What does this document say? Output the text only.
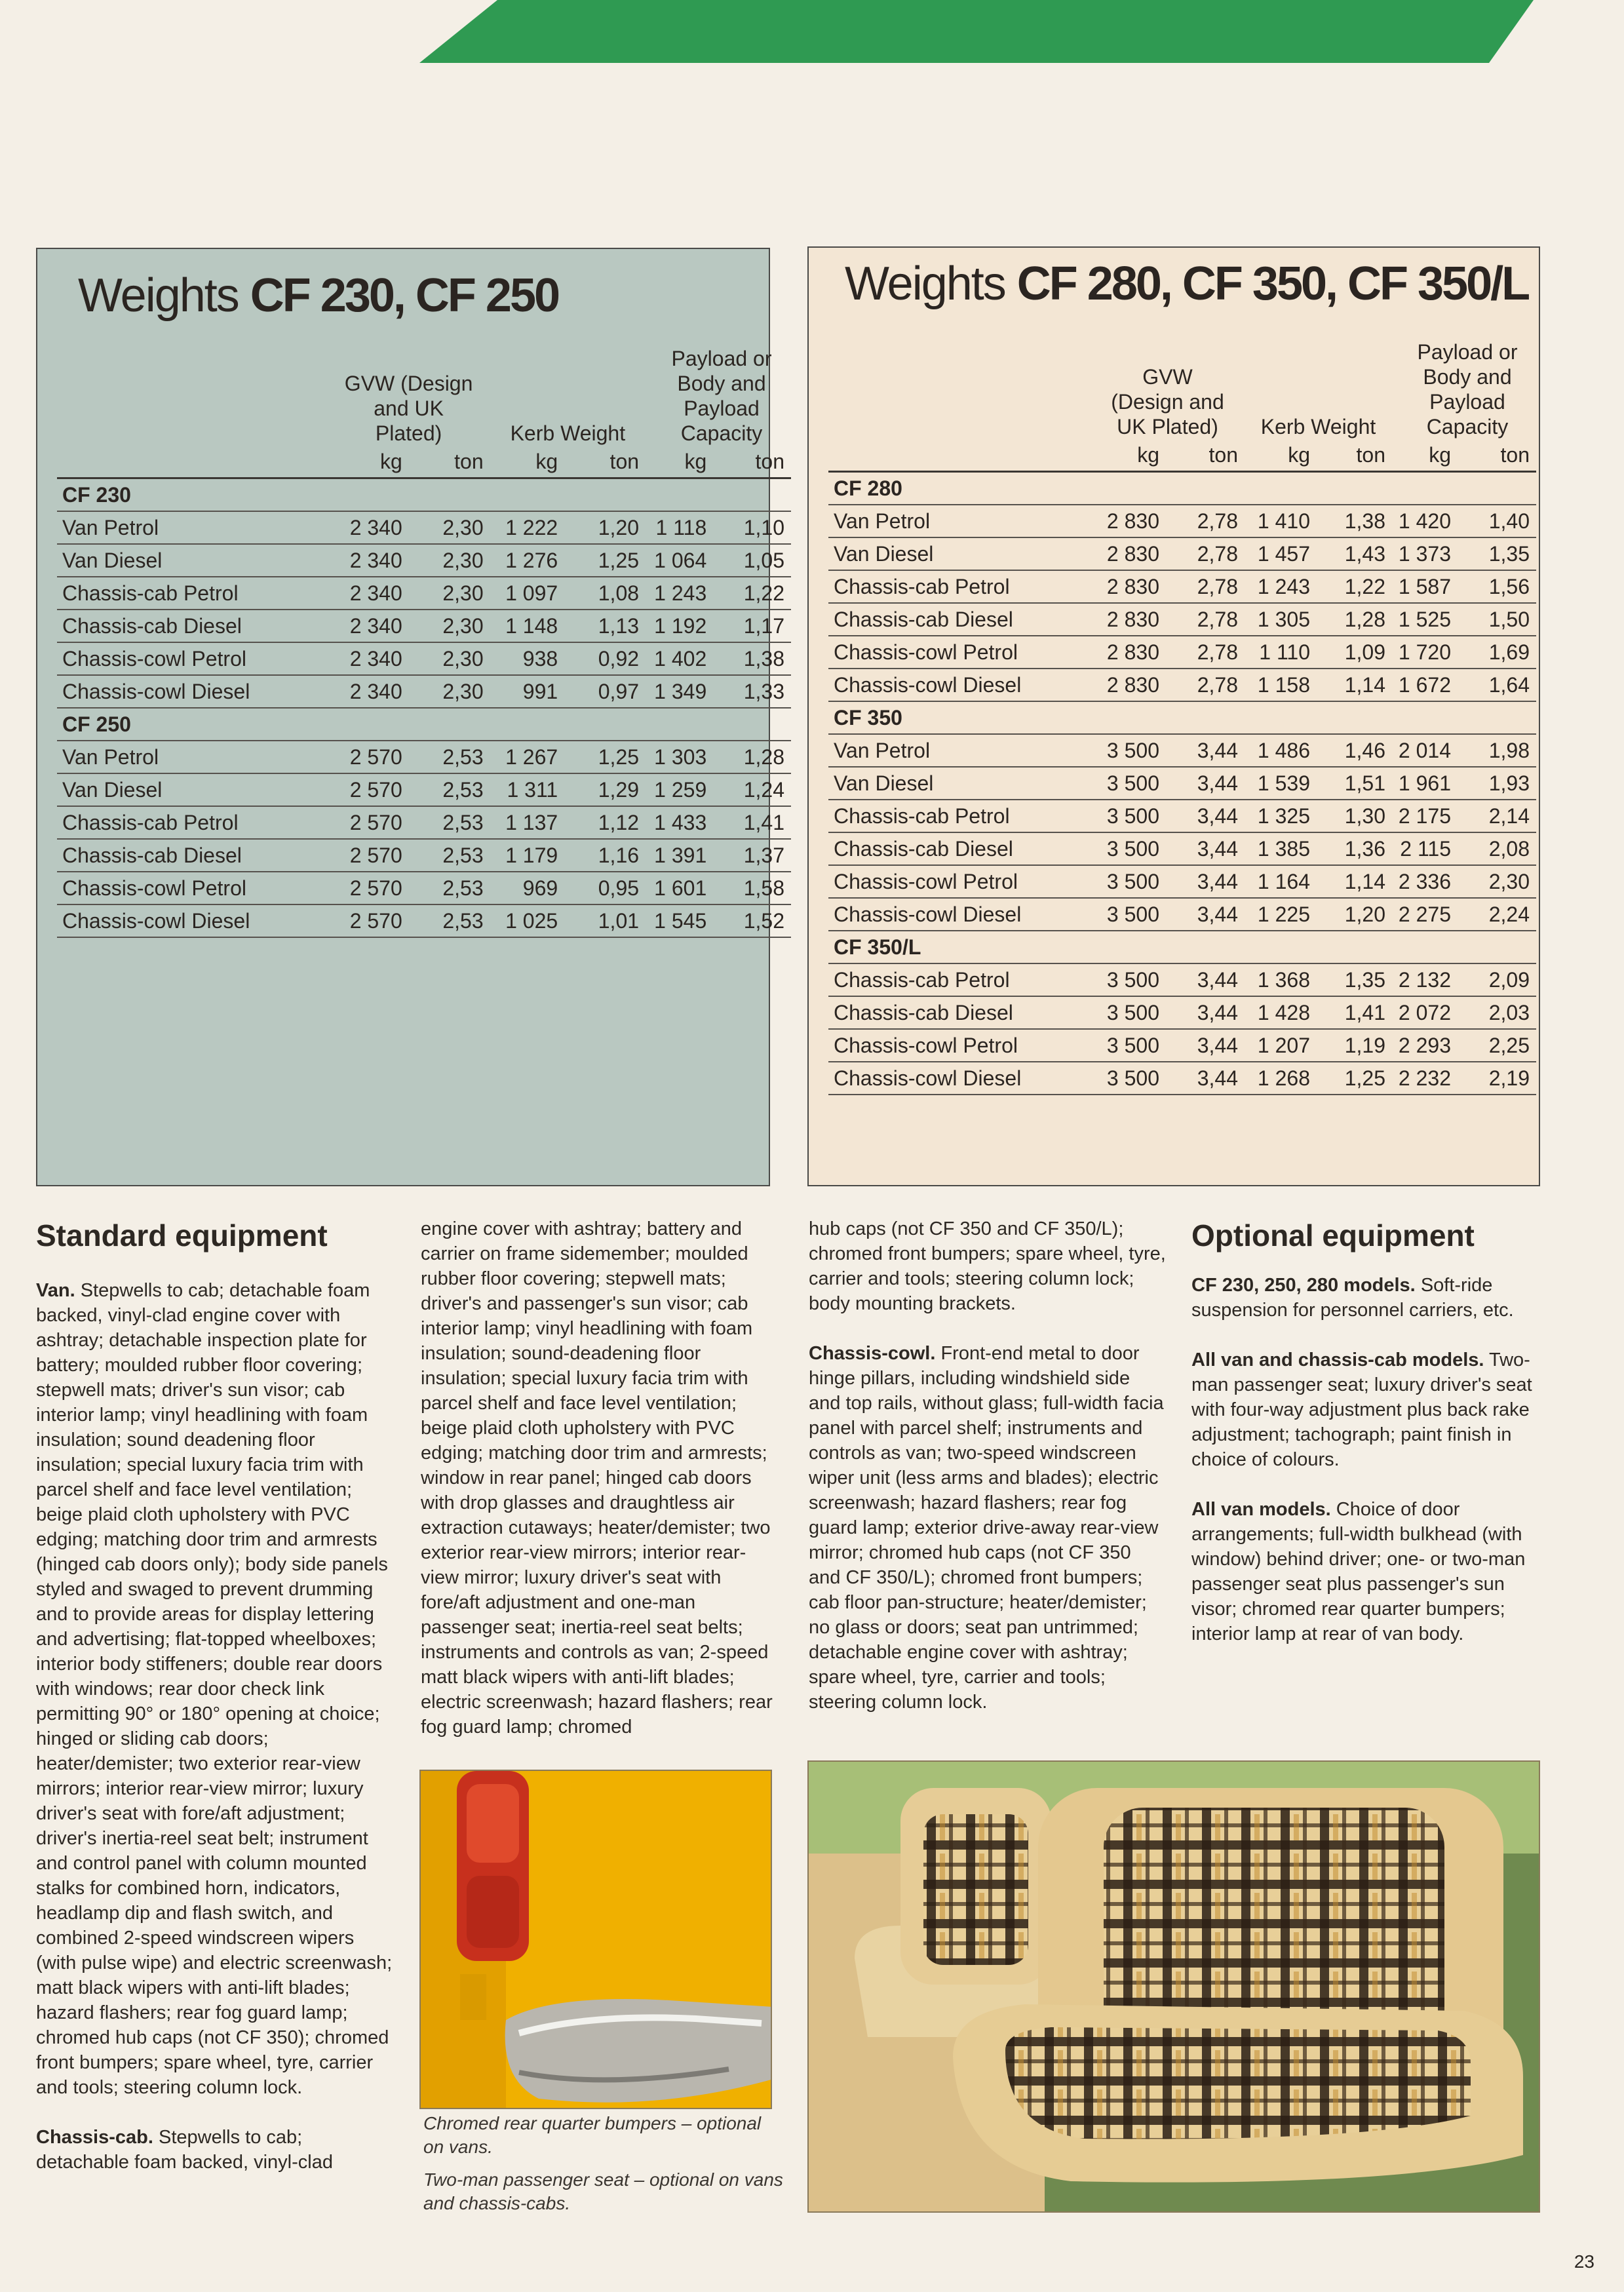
Weights CF 230, CF 250
	GVW (Design and UK Plated)		Kerb Weight		Payload or Body and Payload Capacity	
	kg	ton	kg	ton	kg	ton
CF 230						
Van Petrol	2 340	2,30	1 222	1,20	1 118	1,10
Van Diesel	2 340	2,30	1 276	1,25	1 064	1,05
Chassis-cab Petrol	2 340	2,30	1 097	1,08	1 243	1,22
Chassis-cab Diesel	2 340	2,30	1 148	1,13	1 192	1,17
Chassis-cowl Petrol	2 340	2,30	938	0,92	1 402	1,38
Chassis-cowl Diesel	2 340	2,30	991	0,97	1 349	1,33
CF 250						
Van Petrol	2 570	2,53	1 267	1,25	1 303	1,28
Van Diesel	2 570	2,53	1 311	1,29	1 259	1,24
Chassis-cab Petrol	2 570	2,53	1 137	1,12	1 433	1,41
Chassis-cab Diesel	2 570	2,53	1 179	1,16	1 391	1,37
Chassis-cowl Petrol	2 570	2,53	969	0,95	1 601	1,58
Chassis-cowl Diesel	2 570	2,53	1 025	1,01	1 545	1,52
Weights CF 280, CF 350, CF 350/L
	GVW (Design and UK Plated)		Kerb Weight		Payload or Body and Payload Capacity	
	kg	ton	kg	ton	kg	ton
CF 280						
Van Petrol	2 830	2,78	1 410	1,38	1 420	1,40
Van Diesel	2 830	2,78	1 457	1,43	1 373	1,35
Chassis-cab Petrol	2 830	2,78	1 243	1,22	1 587	1,56
Chassis-cab Diesel	2 830	2,78	1 305	1,28	1 525	1,50
Chassis-cowl Petrol	2 830	2,78	1 110	1,09	1 720	1,69
Chassis-cowl Diesel	2 830	2,78	1 158	1,14	1 672	1,64
CF 350						
Van Petrol	3 500	3,44	1 486	1,46	2 014	1,98
Van Diesel	3 500	3,44	1 539	1,51	1 961	1,93
Chassis-cab Petrol	3 500	3,44	1 325	1,30	2 175	2,14
Chassis-cab Diesel	3 500	3,44	1 385	1,36	2 115	2,08
Chassis-cowl Petrol	3 500	3,44	1 164	1,14	2 336	2,30
Chassis-cowl Diesel	3 500	3,44	1 225	1,20	2 275	2,24
CF 350/L						
Chassis-cab Petrol	3 500	3,44	1 368	1,35	2 132	2,09
Chassis-cab Diesel	3 500	3,44	1 428	1,41	2 072	2,03
Chassis-cowl Petrol	3 500	3,44	1 207	1,19	2 293	2,25
Chassis-cowl Diesel	3 500	3,44	1 268	1,25	2 232	2,19
Standard equipment

Van. Stepwells to cab; detachable foam backed, vinyl-clad engine cover with ashtray; detachable inspection plate for battery; moulded rubber floor covering; stepwell mats; driver's sun visor; cab interior lamp; vinyl headlining with foam insulation; sound deadening floor insulation; special luxury facia trim with parcel shelf and face level ventilation; beige plaid cloth upholstery with PVC edging; matching door trim and armrests (hinged cab doors only); body side panels styled and swaged to prevent drumming and to provide areas for display lettering and advertising; flat-topped wheelboxes; interior body stiffeners; double rear doors with windows; rear door check link permitting 90° or 180° opening at choice; hinged or sliding cab doors; heater/demister; two exterior rear-view mirrors; interior rear-view mirror; luxury driver's seat with fore/aft adjustment; driver's inertia-reel seat belt; instrument and control panel with column mounted stalks for combined horn, indicators, headlamp dip and flash switch, and combined 2-speed windscreen wipers (with pulse wipe) and electric screenwash; matt black wipers with anti-lift blades; hazard flashers; rear fog guard lamp; chromed hub caps (not CF 350); chromed front bumpers; spare wheel, tyre, carrier and tools; steering column lock.

Chassis-cab. Stepwells to cab; detachable foam backed, vinyl-clad

engine cover with ashtray; battery and carrier on frame sidemember; moulded rubber floor covering; stepwell mats; driver's and passenger's sun visor; cab interior lamp; vinyl headlining with foam insulation; sound-deadening floor insulation; special luxury facia trim with parcel shelf and face level ventilation; beige plaid cloth upholstery with PVC edging; matching door trim and armrests; window in rear panel; hinged cab doors with drop glasses and draughtless air extraction cutaways; heater/demister; two exterior rear-view mirrors; interior rear-view mirror; luxury driver's seat with fore/aft adjustment and one-man passenger seat; inertia-reel seat belts; instruments and controls as van; 2-speed matt black wipers with anti-lift blades; electric screenwash; hazard flashers; rear fog guard lamp; chromed

hub caps (not CF 350 and CF 350/L); chromed front bumpers; spare wheel, tyre, carrier and tools; steering column lock; body mounting brackets.

Chassis-cowl. Front-end metal to door hinge pillars, including windshield side and top rails, without glass; full-width facia panel with parcel shelf; instruments and controls as van; two-speed windscreen wiper unit (less arms and blades); electric screenwash; hazard flashers; rear fog guard lamp; exterior drive-away rear-view mirror; chromed hub caps (not CF 350 and CF 350/L); chromed front bumpers; cab floor pan-structure; heater/demister; no glass or doors; seat pan untrimmed; detachable engine cover with ashtray; spare wheel, tyre, carrier and tools; steering column lock.

Optional equipment

CF 230, 250, 280 models. Soft-ride suspension for personnel carriers, etc.

All van and chassis-cab models. Two-man passenger seat; luxury driver's seat with four-way adjustment plus back rake adjustment; tachograph; paint finish in choice of colours.

All van models. Choice of door arrangements; full-width bulkhead (with window) behind driver; one- or two-man passenger seat plus passenger's sun visor; chromed rear quarter bumpers; interior lamp at rear of van body.

Chromed rear quarter bumpers – optional on vans.
Two-man passenger seat – optional on vans and chassis-cabs.
23
